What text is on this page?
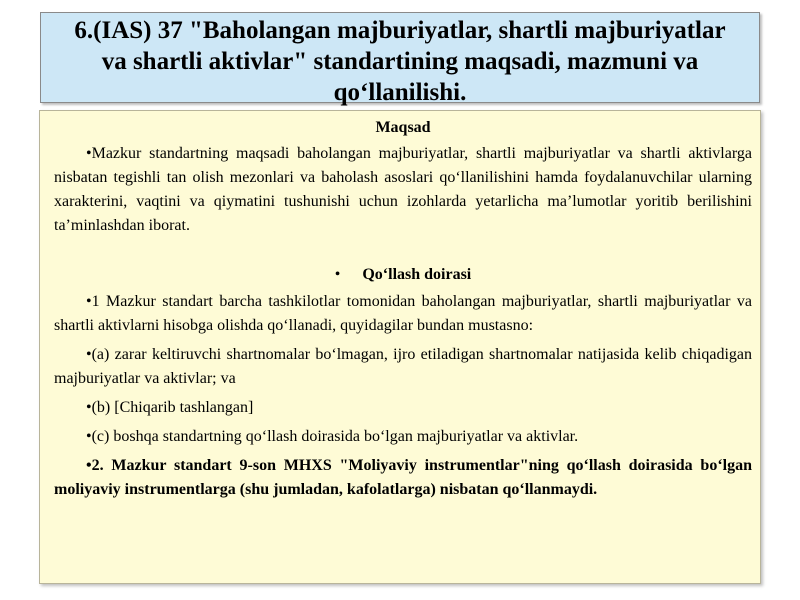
6.(IAS) 37 "Baholangan majburiyatlar, shartli majburiyatlar
va shartli aktivlar" standartining maqsadi, mazmuni va
qo‘llanilishi.
Maqsad
•Mazkur standartning maqsadi baholangan majburiyatlar, shartli majburiyatlar va shartli aktivlarga nisbatan tegishli tan olish mezonlari va baholash asoslari qo‘llanilishini hamda foydalanuvchilar ularning xarakterini, vaqtini va qiymatini tushunishi uchun izohlarda yetarlicha ma’lumotlar yoritib berilishini ta’minlashdan iborat.
• Qo‘llash doirasi
•1 Mazkur standart barcha tashkilotlar tomonidan baholangan majburiyatlar, shartli majburiyatlar va shartli aktivlarni hisobga olishda qo‘llanadi, quyidagilar bundan mustasno:
•(a) zarar keltiruvchi shartnomalar bo‘lmagan, ijro etiladigan shartnomalar natijasida kelib chiqadigan majburiyatlar va aktivlar; va
•(b) [Chiqarib tashlangan]
•(c) boshqa standartning qo‘llash doirasida bo‘lgan majburiyatlar va aktivlar.
•2. Mazkur standart 9-son MHXS "Moliyaviy instrumentlar"ning qo‘llash doirasida bo‘lgan moliyaviy instrumentlarga (shu jumladan, kafolatlarga) nisbatan qo‘llanmaydi.
